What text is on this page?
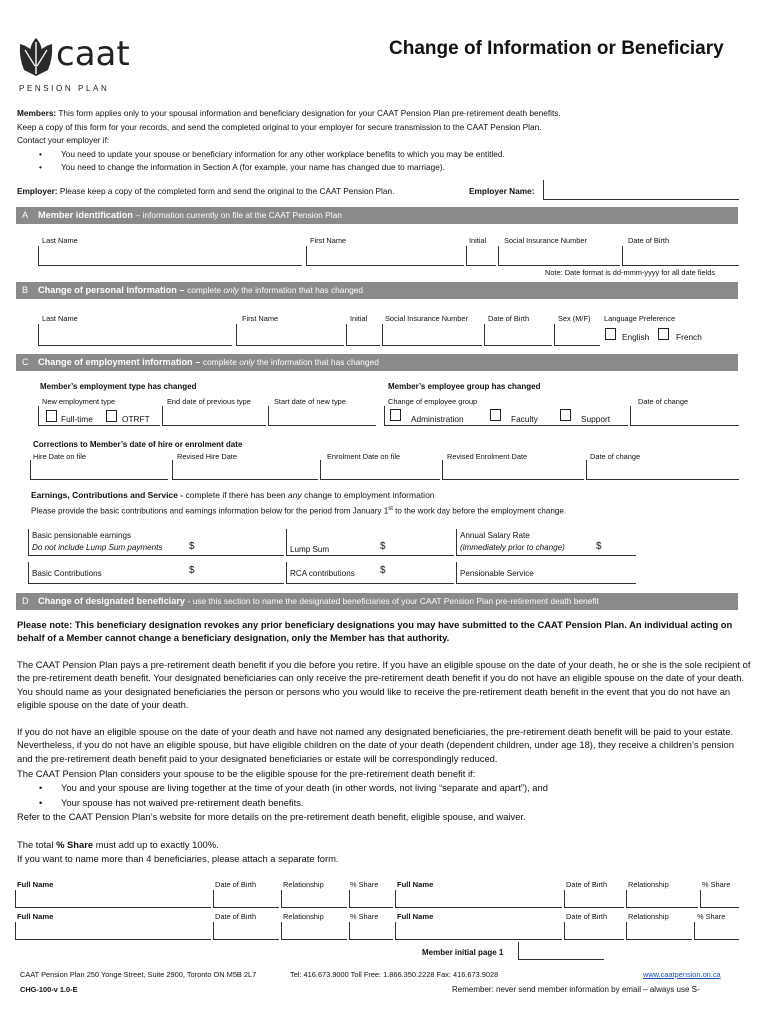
caat
PENSION PLAN
Change of Information or Beneficiary
Members: This form applies only to your spousal information and beneficiary designation for your CAAT Pension Plan pre-retirement death benefits.
Keep a copy of this form for your records, and send the completed original to your employer for secure transmission to the CAAT Pension Plan.
Contact your employer if:
• You need to update your spouse or beneficiary information for any other workplace benefits to which you may be entitled.
• You need to change the information in Section A (for example, your name has changed due to marriage).
Employer: Please keep a copy of the completed form and send the original to the CAAT Pension Plan.	Employer Name:
A Member identification – information currently on file at the CAAT Pension Plan
Last Name	First Name	Initial Social Insurance Number	Date of Birth
Note: Date format is dd-mmm-yyyy for all date fields
B Change of personal information – complete only the information that has changed
Last Name	First Name	Initial Social Insurance Number	Date of Birth	Sex (M/F) Language Preference
English	French
C Change of employment information – complete only the information that has changed
Member’s employment type has changed	Member’s employee group has changed
New employment type	End date of previous type	Start date of new type	Change of employee group	Date of change
Full-time	OTRFT	Administration	Faculty	Support
Corrections to Member’s date of hire or enrolment date
Hire Date on file	Revised Hire Date	Enrolment Date on file	Revised Enrolment Date	Date of change
Earnings, Contributions and Service - complete if there has been any change to employment information
Please provide the basic contributions and earnings information below for the period from January 1st to the work day before the employment change.
Basic pensionable earnings
Do not include Lump Sum payments	$	Lump Sum	$
Annual Salary Rate
(immediately prior to change)	$
Basic Contributions	$	RCA contributions	$	Pensionable Service
D Change of designated beneficiary - use this section to name the designated beneficiaries of your CAAT Pension Plan pre-retirement death benefit
Please note: This beneficiary designation revokes any prior beneficiary designations you may have submitted to the CAAT Pension Plan. An individual acting on behalf of a Member cannot change a beneficiary designation, only the Member has that authority.
The CAAT Pension Plan pays a pre-retirement death benefit if you die before you retire. If you have an eligible spouse on the date of your death, he or she is the sole recipient of the pre-retirement death benefit. Your designated beneficiaries can only receive the pre-retirement death benefit if you do not have an eligible spouse on the date of your death. You should name as your designated beneficiaries the person or persons who you would like to receive the pre-retirement death benefit in the event that you do not have an eligible spouse on the date of your death.
If you do not have an eligible spouse on the date of your death and have not named any designated beneficiaries, the pre-retirement death benefit will be paid to your estate. Nevertheless, if you do not have an eligible spouse, but have eligible children on the date of your death (dependent children, under age 18), they receive a children’s pension and the pre-retirement death benefit paid to your designated beneficiaries or estate will be correspondingly reduced.
The CAAT Pension Plan considers your spouse to be the eligible spouse for the pre-retirement death benefit if:
• You and your spouse are living together at the time of your death (in other words, not living “separate and apart”), and
• Your spouse has not waived pre-retirement death benefits.
Refer to the CAAT Pension Plan’s website for more details on the pre-retirement death benefit, eligible spouse, and waiver.
The total % Share must add up to exactly 100%.
If you want to name more than 4 beneficiaries, please attach a separate form.
Full Name	Date of Birth	Relationship	% Share Full Name	Date of Birth	Relationship	% Share
Full Name	Date of Birth	Relationship	% Share Full Name	Date of Birth	Relationship	% Share
Member initial page 1
CAAT Pension Plan 250 Yonge Street, Suite 2900, Toronto ON M5B 2L7	Tel: 416.673.9000 Toll Free: 1.866.350.2228 Fax: 416.673.9028	www.caatpension.on.ca
CHG-100-v 1.0-E	Remember: never send member information by email – always use S-
